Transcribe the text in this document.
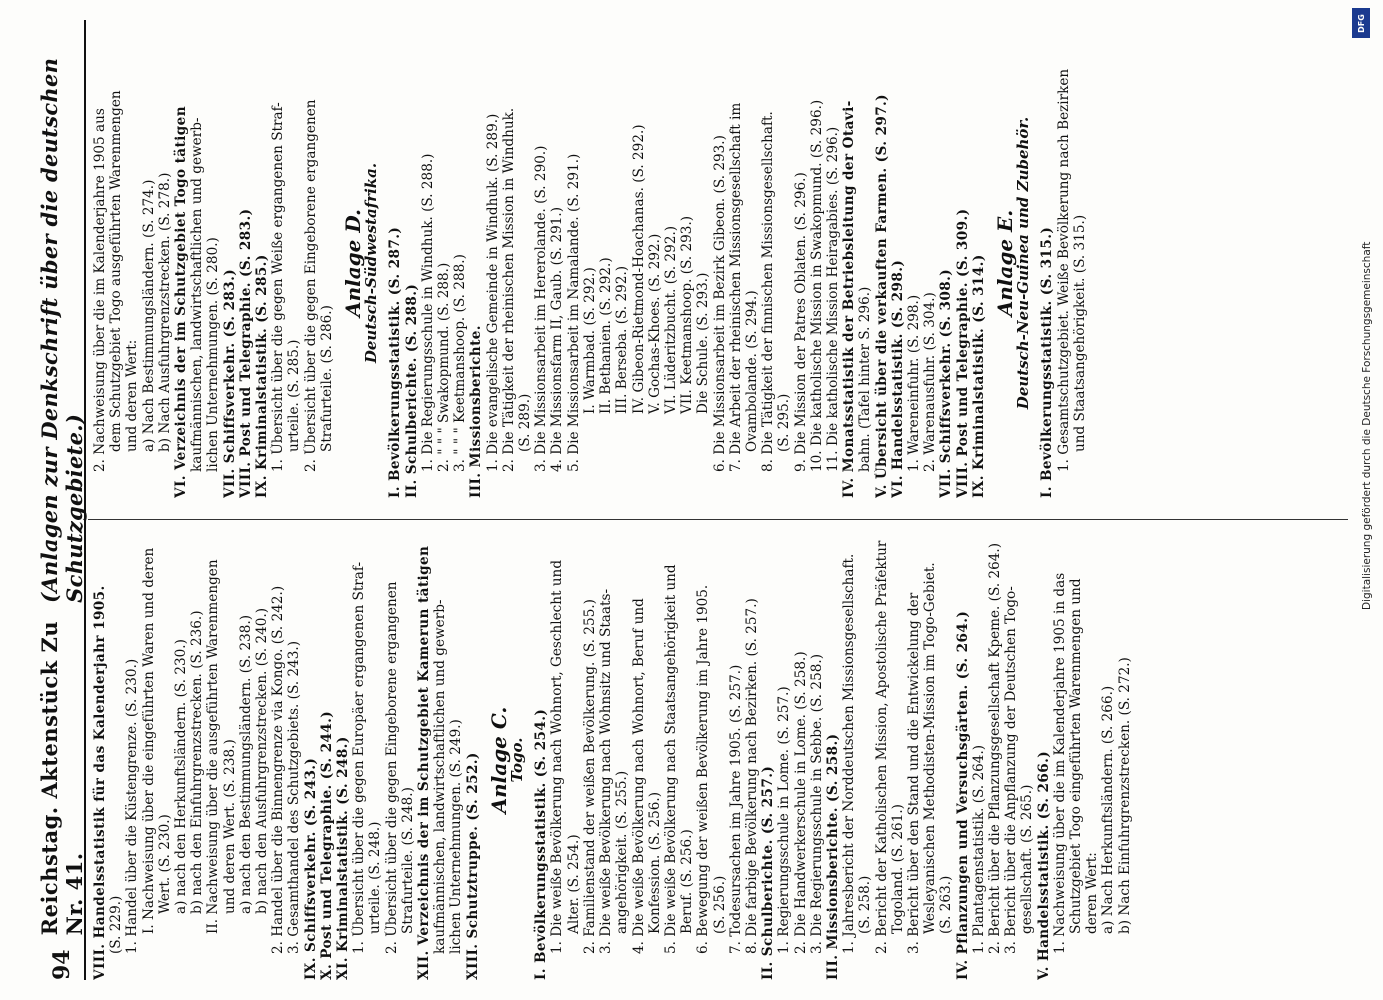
94
Reichstag. Aktenstück Zu Nr. 41.
(Anlagen zur Denkschrift über die deutschen Schutzgebiete.)
VIII. Handelsstatistik für das Kalenderjahr 1905. (S. 229.) 1. Handel über die Küstengrenze. (S. 230.) I. Nachweisung über die eingeführten Waren und deren Wert. (S. 230.) a) nach den Herkunftsländern. (S. 230.) b) nach den Einfuhrgrenzstrecken. (S. 236.) II. Nachweisung über die ausgeführten Warenmengen und deren Wert. (S. 238.) a) nach den Bestimmungsländern. (S. 238.) b) nach den Ausfuhrgrenzstrecken. (S. 240.) 2. Handel über die Binnengrenze via Kongo. (S. 242.) 3. Gesamthandel des Schutzgebiets. (S. 243.) IX. Schiffsverkehr. (S. 243.) X. Post und Telegraphie. (S. 244.) XI. Kriminalstatistik. (S. 248.) 1. Übersicht über die gegen Europäer ergangenen Straf- urteile. (S. 248.) 2. Übersicht über die gegen Eingeborene ergangenen Strafurteile. (S. 248.) XII. Verzeichnis der im Schutzgebiet Kamerun tätigen kaufmännischen, landwirtschaftlichen und gewerb- lichen Unternehmungen. (S. 249.) XIII. Schutztruppe. (S. 252.) Anlage C.
Togo. I. Bevölkerungsstatistik. (S. 254.) 1. Die weiße Bevölkerung nach Wohnort, Geschlecht und Alter. (S. 254.) 2. Familienstand der weißen Bevölkerung. (S. 255.) 3. Die weiße Bevölkerung nach Wohnsitz und Staats- angehörigkeit. (S. 255.) 4. Die weiße Bevölkerung nach Wohnort, Beruf und Konfession. (S. 256.) 5. Die weiße Bevölkerung nach Staatsangehörigkeit und Beruf. (S. 256.) 6. Bewegung der weißen Bevölkerung im Jahre 1905. (S. 256.) 7. Todesursachen im Jahre 1905. (S. 257.) 8. Die farbige Bevölkerung nach Bezirken. (S. 257.) II. Schulberichte. (S. 257.) 1. Regierungsschule in Lome. (S. 257.) 2. Die Handwerkerschule in Lome. (S. 258.) 3. Die Regierungsschule in Sebbe. (S. 258.) III. Missionsberichte. (S. 258.) 1. Jahresbericht der Norddeutschen Missionsgesellschaft. (S. 258.) 2. Bericht der Katholischen Mission, Apostolische Präfektur Togoland. (S. 261.) 3. Bericht über den Stand und die Entwickelung der Wesleyanischen Methodisten-Mission im Togo-Gebiet. (S. 263.) IV. Pflanzungen und Versuchsgärten. (S. 264.) 1. Plantagenstatistik. (S. 264.) 2. Bericht über die Pflanzungsgesellschaft Kpeme. (S. 264.) 3. Bericht über die Anpflanzung der Deutschen Togo- gesellschaft. (S. 265.) V. Handelsstatistik. (S. 266.) 1. Nachweisung über die im Kalenderjahre 1905 in das Schutzgebiet Togo eingeführten Warenmengen und deren Wert: a) Nach Herkunftsländern. (S. 266.) b) Nach Einfuhrgrenzstrecken. (S. 272.)
2. Nachweisung über die im Kalenderjahre 1905 aus dem Schutzgebiet Togo ausgeführten Warenmengen und deren Wert: a) Nach Bestimmungsländern. (S. 274.) b) Nach Ausfuhrgrenzstrecken. (S. 278.) VI. Verzeichnis der im Schutzgebiet Togo tätigen kaufmännischen, landwirtschaftlichen und gewerb- lichen Unternehmungen. (S. 280.) VII. Schiffsverkehr. (S. 283.) VIII. Post und Telegraphie. (S. 283.) IX. Kriminalstatistik. (S. 285.) 1. Übersicht über die gegen Weiße ergangenen Straf- urteile. (S. 285.) 2. Übersicht über die gegen Eingeborene ergangenen Strafurteile. (S. 286.)
Anlage D.
Deutsch-Südwestafrika. I. Bevölkerungsstatistik. (S. 287.) II. Schulberichte. (S. 288.) 1. Die Regierungsschule in Windhuk. (S. 288.) 2. " " " Swakopmund. (S. 288.) 3. " " " Keetmanshoop. (S. 288.) III. Missionsberichte. 1. Die evangelische Gemeinde in Windhuk. (S. 289.) 2. Die Tätigkeit der rheinischen Mission in Windhuk. (S. 289.) 3. Die Missionsarbeit im Hererolande. (S. 290.) 4. Die Missionsfarm II, Gaub. (S. 291.) 5. Die Missionsarbeit im Namalande. (S. 291.) I. Warmbad. (S. 292.) II. Bethanien. (S. 292.) III. Berseba. (S. 292.) IV. Gibeon-Rietmond-Hoachanas. (S. 292.) V. Gochas-Khoes. (S. 292.) VI. Lüderitzbucht. (S. 292.) VII. Keetmanshoop. (S. 293.) Die Schule. (S. 293.) 6. Die Missionsarbeit im Bezirk Gibeon. (S. 293.) 7. Die Arbeit der rheinischen Missionsgesellschaft im Ovambolande. (S. 294.) 8. Die Tätigkeit der finnischen Missionsgesellschaft. (S. 295.) 9. Die Mission der Patres Oblaten. (S. 296.) 10. Die katholische Mission in Swakopmund. (S. 296.) 11. Die katholische Mission Heiragabies. (S. 296.) IV. Monatsstatistik der Betriebsleitung der Otavi- bahn. (Tafel hinter S. 296.) V. Übersicht über die verkauften Farmen. (S. 297.) VI. Handelsstatistik. (S. 298.) 1. Wareneinfuhr. (S. 298.) 2. Warenausfuhr. (S. 304.) VII. Schiffsverkehr. (S. 308.) VIII. Post und Telegraphie. (S. 309.) IX. Kriminalstatistik. (S. 314.) Anlage E.
Deutsch-Neu-Guinea und Zubehör. I. Bevölkerungsstatistik. (S. 315.) 1. Gesamtschutzgebiet. Weiße Bevölkerung nach Bezirken und Staatsangehörigkeit. (S. 315.)
DFG
Digitalisierung gefördert durch die Deutsche Forschungsgemeinschaft
